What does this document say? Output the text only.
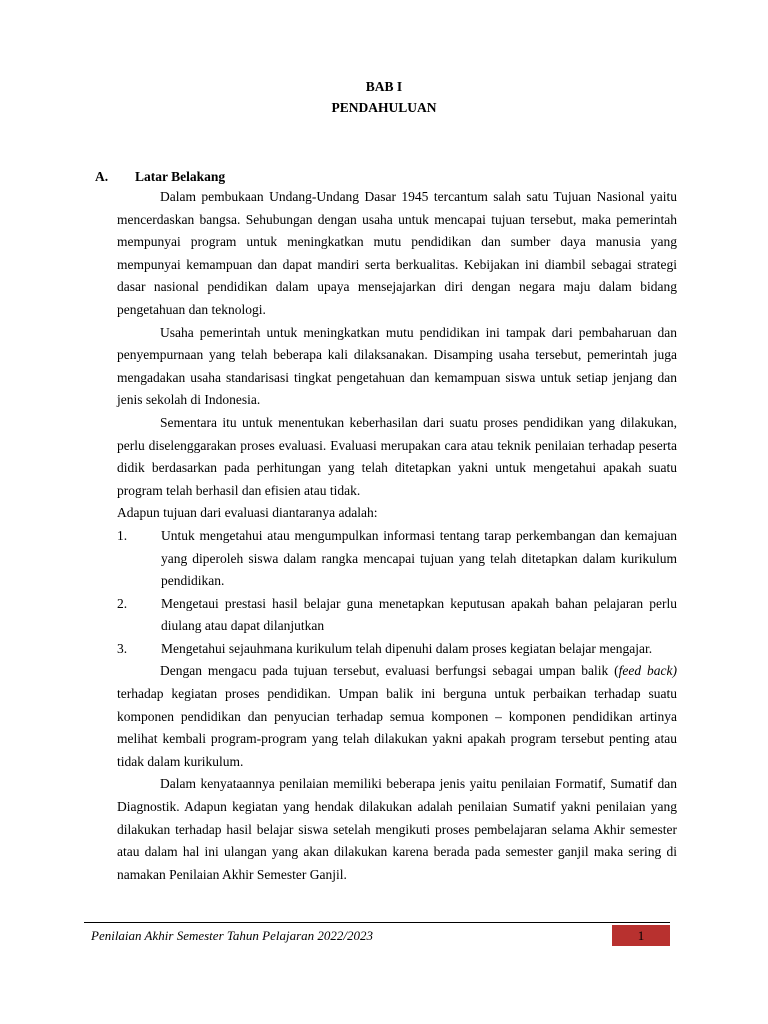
BAB I
PENDAHULUAN
A. Latar Belakang

Dalam pembukaan Undang-Undang Dasar 1945 tercantum salah satu Tujuan Nasional yaitu mencerdaskan bangsa. Sehubungan dengan usaha untuk mencapai tujuan tersebut, maka pemerintah mempunyai program untuk meningkatkan mutu pendidikan dan sumber daya manusia yang mempunyai kemampuan dan dapat mandiri serta berkualitas. Kebijakan ini diambil sebagai strategi dasar nasional pendidikan dalam upaya mensejajarkan diri dengan negara maju dalam bidang pengetahuan dan teknologi.

Usaha pemerintah untuk meningkatkan mutu pendidikan ini tampak dari pembaharuan dan penyempurnaan yang telah beberapa kali dilaksanakan. Disamping usaha tersebut, pemerintah juga mengadakan usaha standarisasi tingkat pengetahuan dan kemampuan siswa untuk setiap jenjang dan jenis sekolah di Indonesia.

Sementara itu untuk menentukan keberhasilan dari suatu proses pendidikan yang dilakukan, perlu diselenggarakan proses evaluasi. Evaluasi merupakan cara atau teknik penilaian terhadap peserta didik berdasarkan pada perhitungan yang telah ditetapkan yakni untuk mengetahui apakah suatu program telah berhasil dan efisien atau tidak.

Adapun tujuan dari evaluasi diantaranya adalah:

1.	Untuk mengetahui atau mengumpulkan informasi tentang tarap perkembangan dan kemajuan yang diperoleh siswa dalam rangka mencapai tujuan yang telah ditetapkan dalam kurikulum pendidikan.
2.	Mengetaui prestasi hasil belajar guna menetapkan keputusan apakah bahan pelajaran perlu diulang atau dapat dilanjutkan
3.	Mengetahui sejauhmana kurikulum telah dipenuhi dalam proses kegiatan belajar mengajar.

Dengan mengacu pada tujuan tersebut, evaluasi berfungsi sebagai umpan balik (feed back) terhadap kegiatan proses pendidikan. Umpan balik ini berguna untuk perbaikan terhadap suatu komponen pendidikan dan penyucian terhadap semua komponen – komponen pendidikan artinya melihat kembali program-program yang telah dilakukan yakni apakah program tersebut penting atau tidak dalam kurikulum.

Dalam kenyataannya penilaian memiliki beberapa jenis yaitu penilaian Formatif, Sumatif dan Diagnostik. Adapun kegiatan yang hendak dilakukan adalah penilaian Sumatif yakni penilaian yang dilakukan terhadap hasil belajar siswa setelah mengikuti proses pembelajaran selama Akhir semester atau dalam hal ini ulangan yang akan dilakukan karena berada pada semester ganjil maka sering di namakan Penilaian Akhir Semester Ganjil.

Penilaian Akhir Semester Tahun Pelajaran 2022/2023	1
